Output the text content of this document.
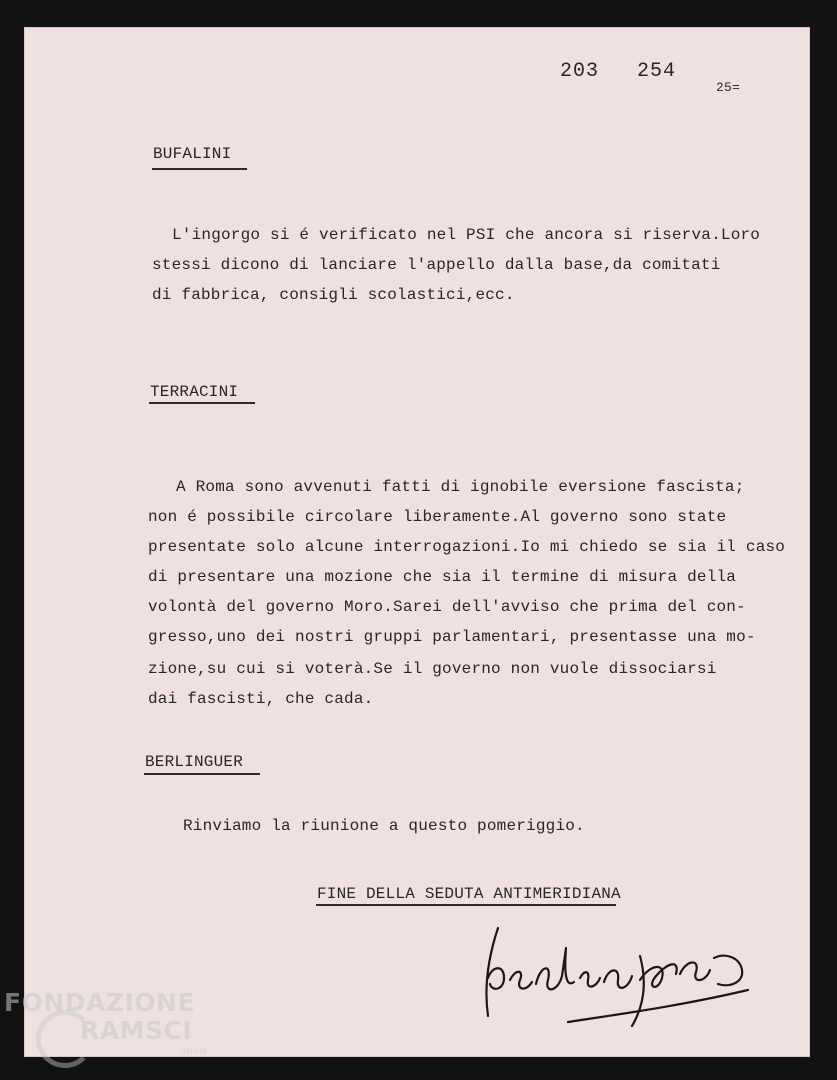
203 254
25=
BUFALINI
L'ingorgo si é verificato nel PSI che ancora si riserva.Loro
stessi dicono di lanciare l'appello dalla base,da comitati
di fabbrica, consigli scolastici,ecc.
TERRACINI
A Roma sono avvenuti fatti di ignobile eversione fascista;
non é possibile circolare liberamente.Al governo sono state
presentate solo alcune interrogazioni.Io mi chiedo se sia il caso
di presentare una mozione che sia il termine di misura della
volontà del governo Moro.Sarei dell'avviso che prima del con-
gresso,uno dei nostri gruppi parlamentari, presentasse una mo-
zione,su cui si voterà.Se il governo non vuole dissociarsi
dai fascisti, che cada.
BERLINGUER
Rinviamo la riunione a questo pomeriggio.
FINE DELLA SEDUTA ANTIMERIDIANA
FONDAZIONE
RAMSCI
onlus
